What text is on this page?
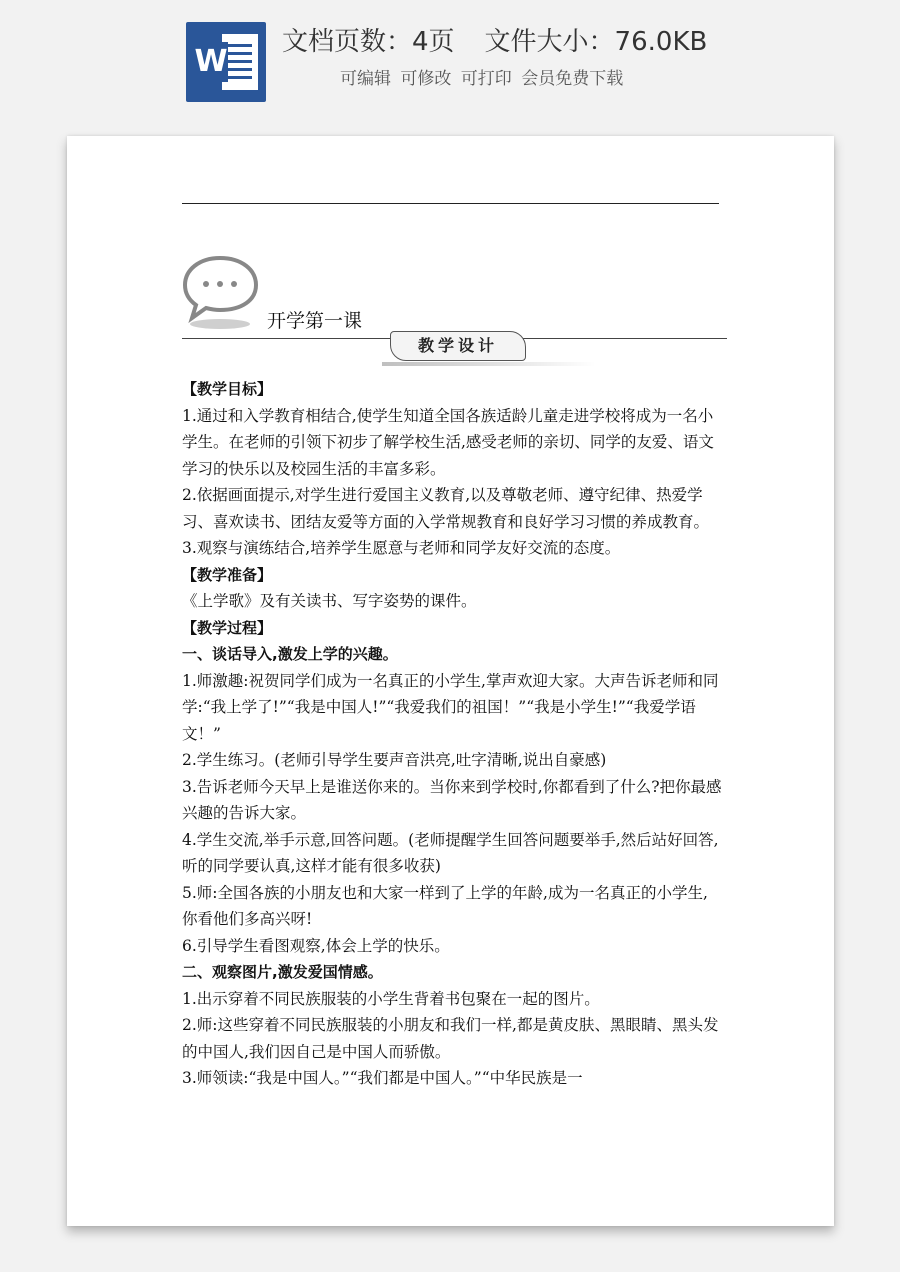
W
文档页数：4页 文件大小：76.0KB
可编辑 可修改 可打印 会员免费下载
开学第一课
教学设计

【教学目标】

1.通过和入学教育相结合,使学生知道全国各族适龄儿童走进学校将成为一名小学生。在老师的引领下初步了解学校生活,感受老师的亲切、同学的友爱、语文学习的快乐以及校园生活的丰富多彩。

2.依据画面提示,对学生进行爱国主义教育,以及尊敬老师、遵守纪律、热爱学习、喜欢读书、团结友爱等方面的入学常规教育和良好学习习惯的养成教育。

3.观察与演练结合,培养学生愿意与老师和同学友好交流的态度。

【教学准备】

《上学歌》及有关读书、写字姿势的课件。

【教学过程】

一、谈话导入,激发上学的兴趣。

1.师激趣:祝贺同学们成为一名真正的小学生,掌声欢迎大家。大声告诉老师和同学:“我上学了!”“我是中国人!”“我爱我们的祖国！”“我是小学生!”“我爱学语文！”

2.学生练习。(老师引导学生要声音洪亮,吐字清晰,说出自豪感)

3.告诉老师今天早上是谁送你来的。当你来到学校时,你都看到了什么?把你最感兴趣的告诉大家。

4.学生交流,举手示意,回答问题。(老师提醒学生回答问题要举手,然后站好回答,听的同学要认真,这样才能有很多收获)

5.师:全国各族的小朋友也和大家一样到了上学的年龄,成为一名真正的小学生,你看他们多高兴呀!

6.引导学生看图观察,体会上学的快乐。

二、观察图片,激发爱国情感。

1.出示穿着不同民族服装的小学生背着书包聚在一起的图片。

2.师:这些穿着不同民族服装的小朋友和我们一样,都是黄皮肤、黑眼睛、黑头发的中国人,我们因自己是中国人而骄傲。

3.师领读:“我是中国人。”“我们都是中国人。”“中华民族是一
